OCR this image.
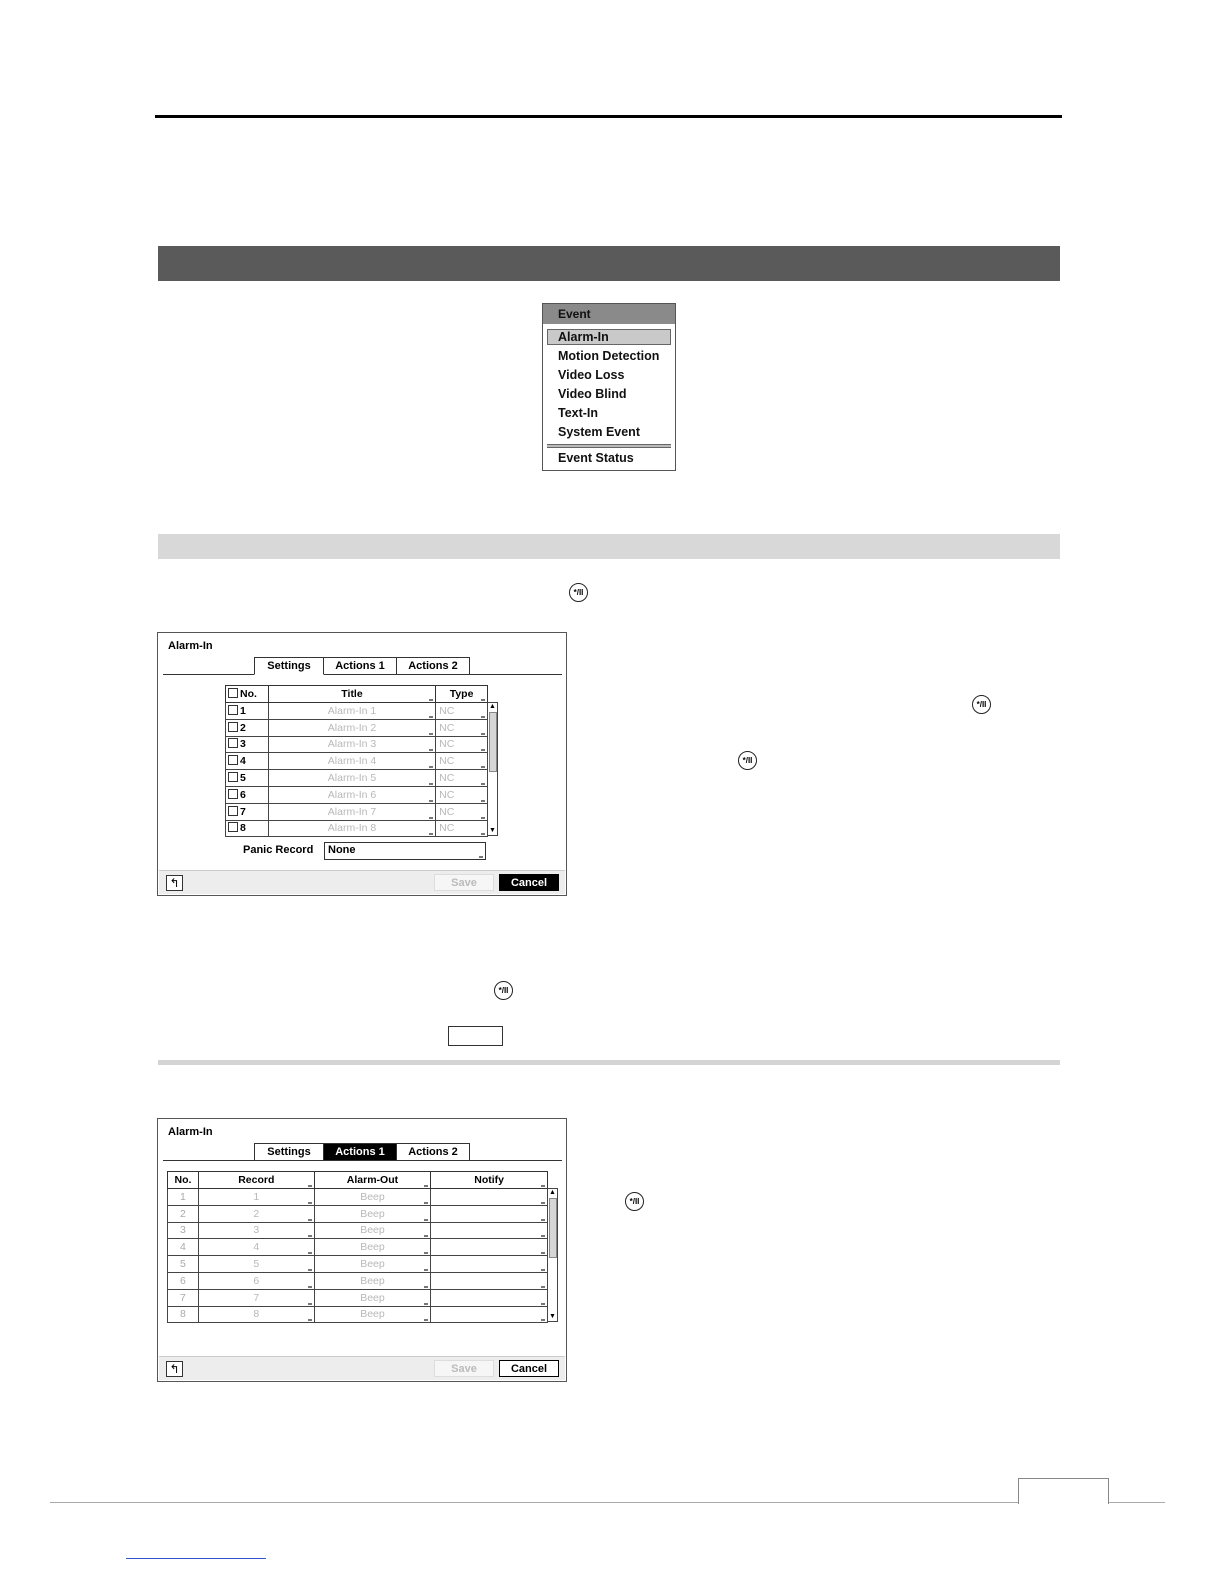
Event
Alarm-In
Motion Detection
Video Loss
Video Blind
Text-In
System Event
Event Status
*/II
*/II
*/II
*/II
*/II
Alarm-In
Settings	Actions 1	Actions 2
No.	Title	Type

1	Alarm-In 1	NC

2	Alarm-In 2	NC

3	Alarm-In 3	NC

4	Alarm-In 4	NC

5	Alarm-In 5	NC

6	Alarm-In 6	NC

7	Alarm-In 7	NC

8	Alarm-In 8	NC
▲
▼
Panic Record	None
↰	Save	Cancel
Alarm-In
Settings	Actions 1	Actions 2
No.	Record	Alarm-Out	Notify

1	1	Beep

2	2	Beep

3	3	Beep

4	4	Beep

5	5	Beep

6	6	Beep

7	7	Beep

8	8	Beep

▲
▼
↰	Save	Cancel
